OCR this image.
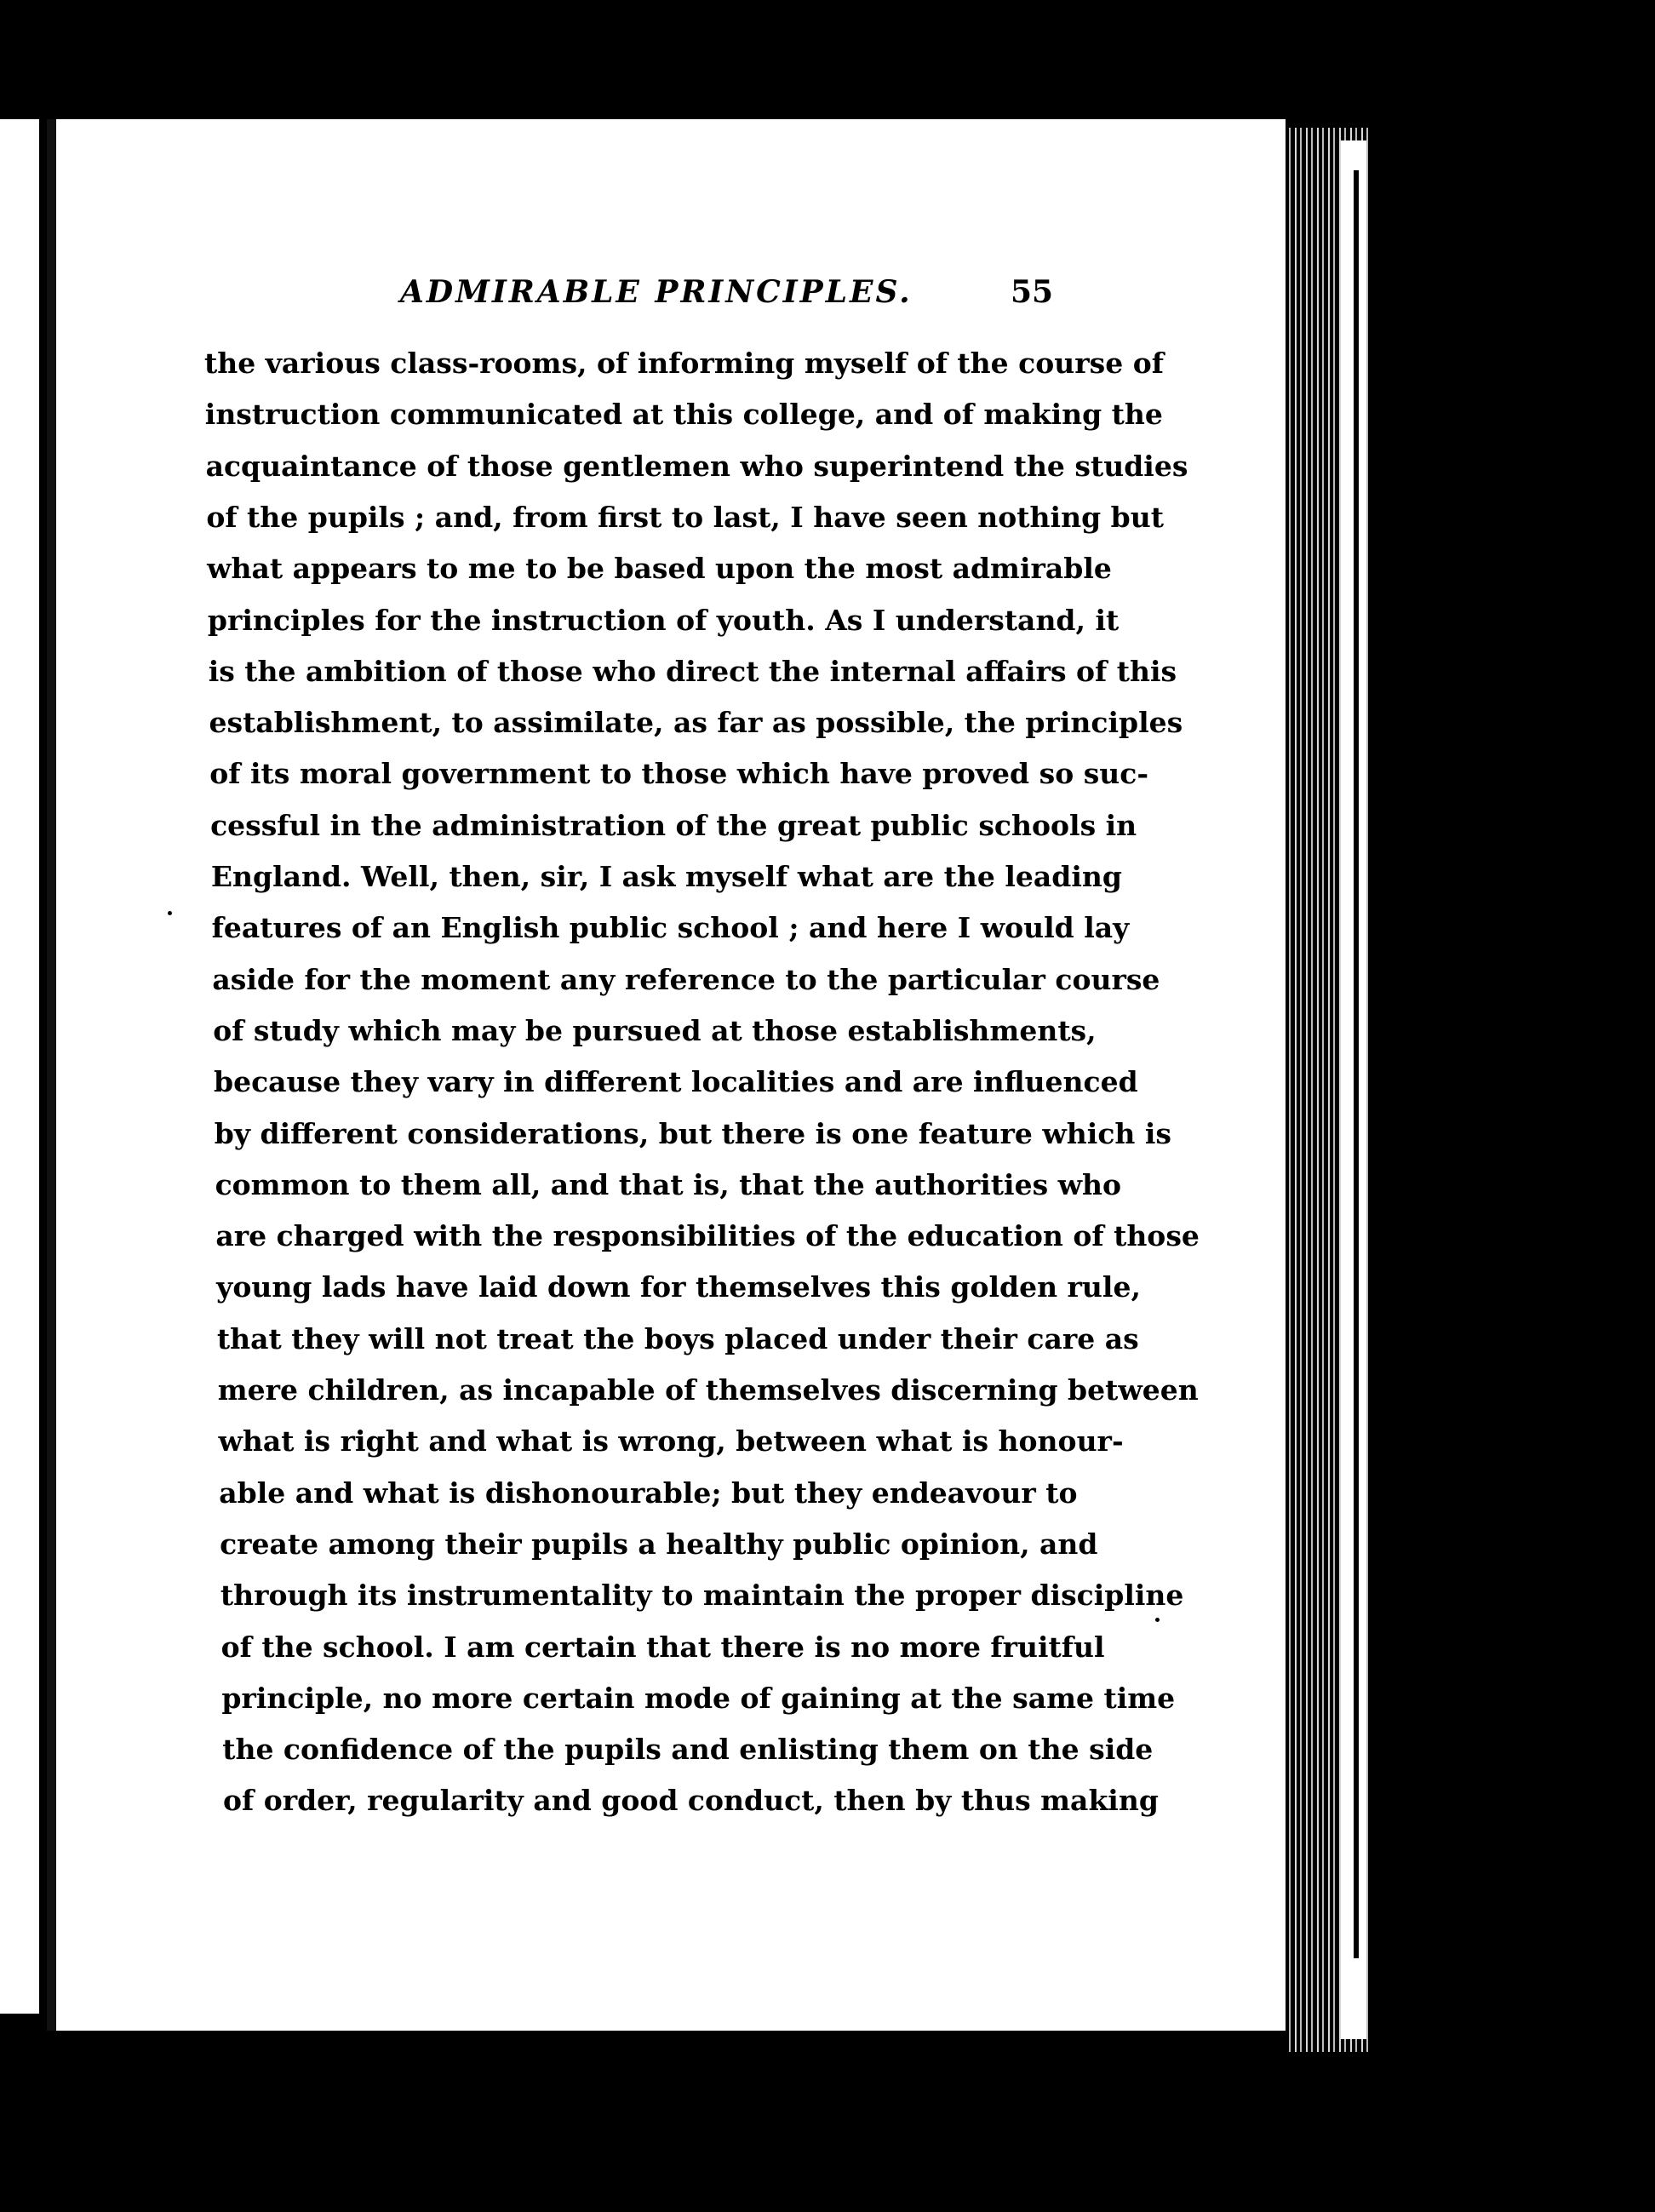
ADMIRABLE PRINCIPLES.	55
the various class-rooms, of informing myself of the course of
instruction communicated at this college, and of making the
acquaintance of those gentlemen who superintend the studies
of the pupils ; and, from first to last, I have seen nothing but
what appears to me to be based upon the most admirable
principles for the instruction of youth. As I understand, it
is the ambition of those who direct the internal affairs of this
establishment, to assimilate, as far as possible, the principles
of its moral government to those which have proved so suc-
cessful in the administration of the great public schools in
England. Well, then, sir, I ask myself what are the leading
features of an English public school ; and here I would lay
aside for the moment any reference to the particular course
of study which may be pursued at those establishments,
because they vary in different localities and are influenced
by different considerations, but there is one feature which is
common to them all, and that is, that the authorities who
are charged with the responsibilities of the education of those
young lads have laid down for themselves this golden rule,
that they will not treat the boys placed under their care as
mere children, as incapable of themselves discerning between
what is right and what is wrong, between what is honour-
able and what is dishonourable; but they endeavour to
create among their pupils a healthy public opinion, and
through its instrumentality to maintain the proper discipline
of the school. I am certain that there is no more fruitful
principle, no more certain mode of gaining at the same time
the confidence of the pupils and enlisting them on the side
of order, regularity and good conduct, then by thus making
